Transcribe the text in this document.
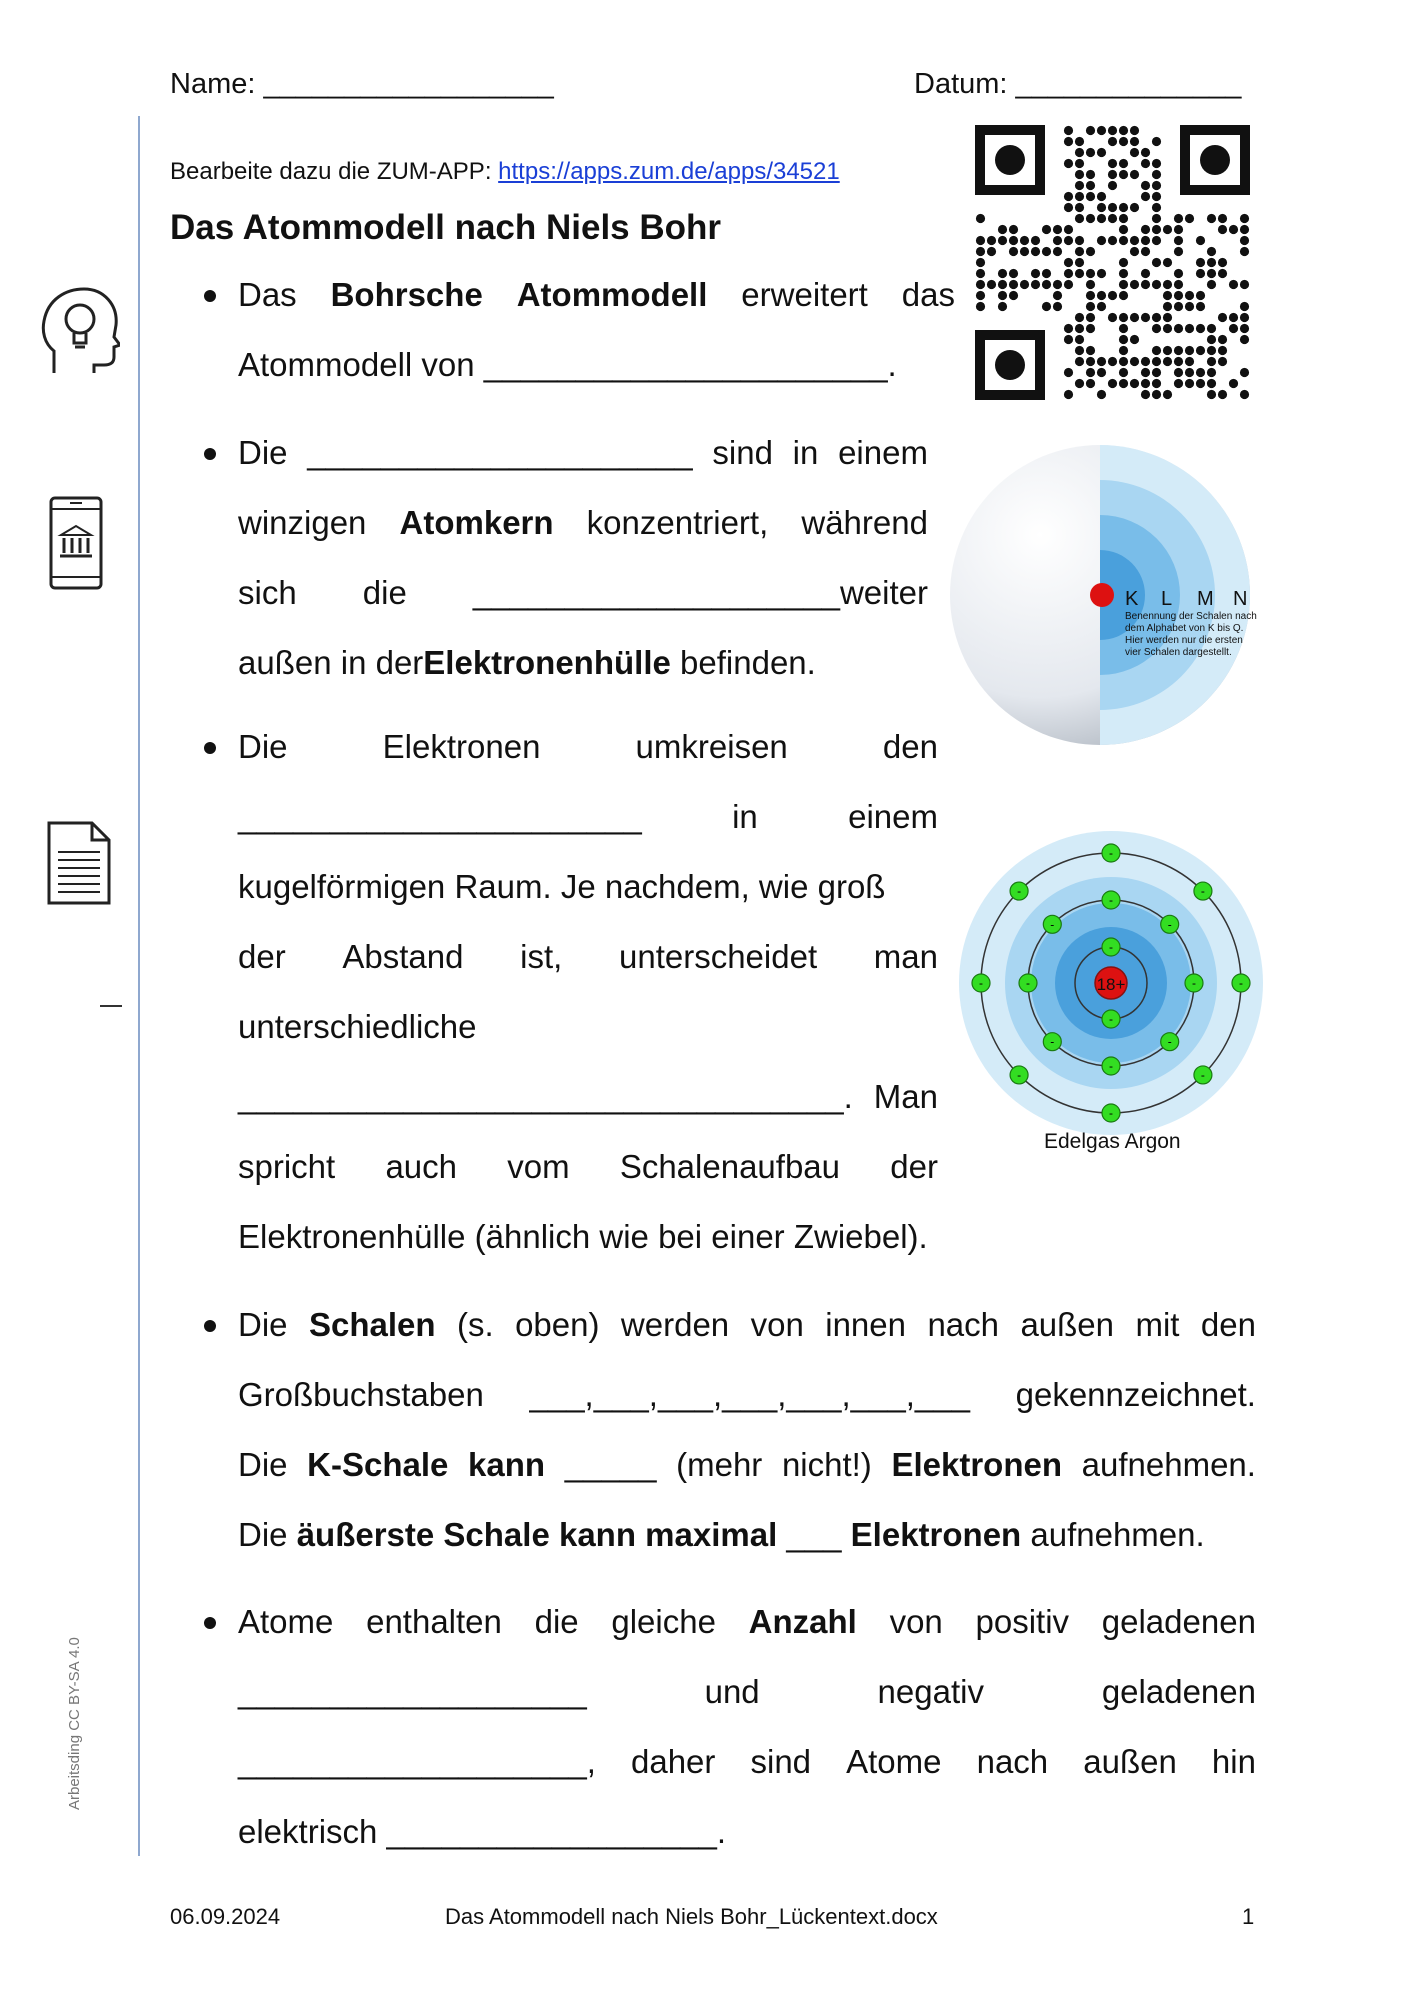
Name: __________________	Datum: ______________
Arbeitsding CC BY-SA 4.0
Bearbeite dazu die ZUM-APP: https://apps.zum.de/apps/34521
Das Atommodell nach Niels Bohr
K L M N
Benennung der Schalen nach
dem Alphabet von K bis Q.
Hier werden nur die ersten
vier Schalen dargestellt.
18+
-
-
-
-
-
-
-
-
-
-
-
-
-
-
-
-
-
-
Edelgas Argon
Das Bohrsche Atommodell erweitert das
Atommodell von ______________________.
Die _____________________ sind in einem
winzigen Atomkern konzentriert, während
sich die ____________________weiter
außen in der Elektronenhülle befinden.
Die	Elektronen	umkreisen	den
______________________	in	einem
kugelförmigen Raum. Je nachdem, wie groß
der Abstand ist, unterscheidet man
unterschiedliche
_________________________________. Man
spricht auch vom Schalenaufbau der
Elektronenhülle (ähnlich wie bei einer Zwiebel).
Die Schalen (s. oben) werden von innen nach außen mit den
Großbuchstaben ___,___,___,___,___,___,___ gekennzeichnet.
Die K-Schale kann _____ (mehr nicht!) Elektronen aufnehmen.
Die äußerste Schale kann maximal ___ Elektronen aufnehmen.
Atome enthalten die gleiche Anzahl von positiv geladenen
___________________	und	negativ	geladenen
___________________, daher sind Atome nach außen hin
elektrisch __________________.
06.09.2024	Das Atommodell nach Niels Bohr_Lückentext.docx	1
